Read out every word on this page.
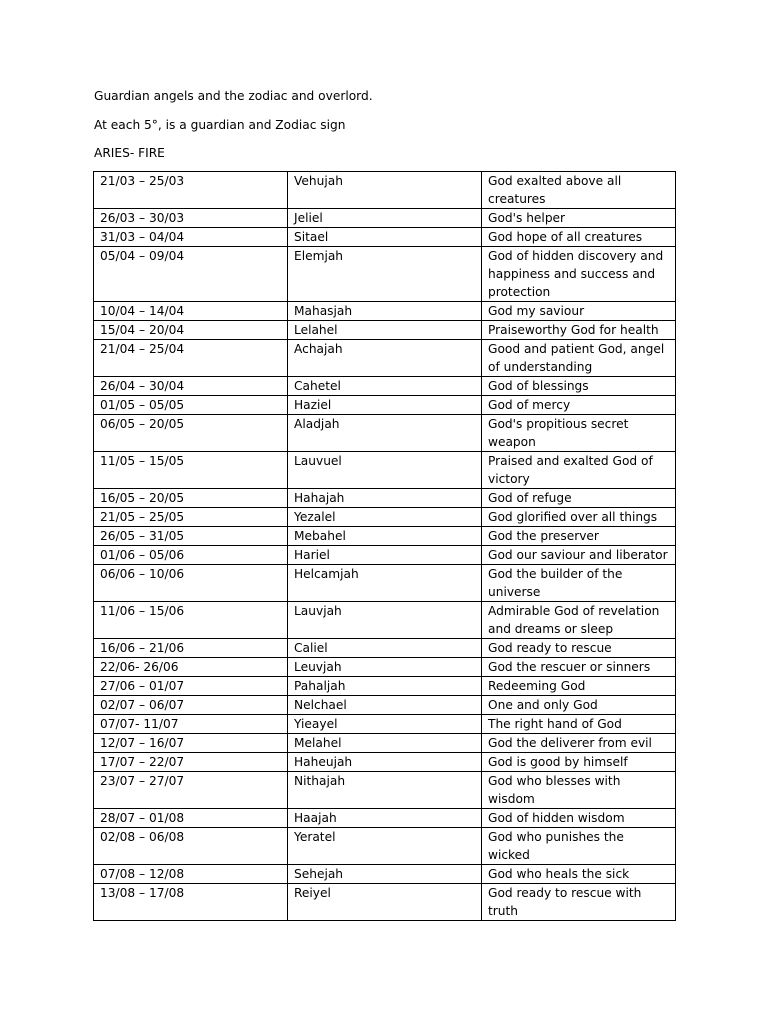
Guardian angels and the zodiac and overlord.
At each 5°, is a guardian and Zodiac sign
ARIES- FIRE
21/03 – 25/03	Vehujah	God exalted above all creatures
26/03 – 30/03	Jeliel	God's helper
31/03 – 04/04	Sitael	God hope of all creatures
05/04 – 09/04	Elemjah	God of hidden discovery and happiness and success and protection
10/04 – 14/04	Mahasjah	God my saviour
15/04 – 20/04	Lelahel	Praiseworthy God for health
21/04 – 25/04	Achajah	Good and patient God, angel of understanding
26/04 – 30/04	Cahetel	God of blessings
01/05 – 05/05	Haziel	God of mercy
06/05 – 20/05	Aladjah	God's propitious secret weapon
11/05 – 15/05	Lauvuel	Praised and exalted God of victory
16/05 – 20/05	Hahajah	God of refuge
21/05 – 25/05	Yezalel	God glorified over all things
26/05 – 31/05	Mebahel	God the preserver
01/06 – 05/06	Hariel	God our saviour and liberator
06/06 – 10/06	Helcamjah	God the builder of the universe
11/06 – 15/06	Lauvjah	Admirable God of revelation and dreams or sleep
16/06 – 21/06	Caliel	God ready to rescue
22/06- 26/06	Leuvjah	God the rescuer or sinners
27/06 – 01/07	Pahaljah	Redeeming God
02/07 – 06/07	Nelchael	One and only God
07/07- 11/07	Yieayel	The right hand of God
12/07 – 16/07	Melahel	God the deliverer from evil
17/07 – 22/07	Haheujah	God is good by himself
23/07 – 27/07	Nithajah	God who blesses with wisdom
28/07 – 01/08	Haajah	God of hidden wisdom
02/08 – 06/08	Yeratel	God who punishes the wicked
07/08 – 12/08	Sehejah	God who heals the sick
13/08 – 17/08	Reiyel	God ready to rescue with truth
